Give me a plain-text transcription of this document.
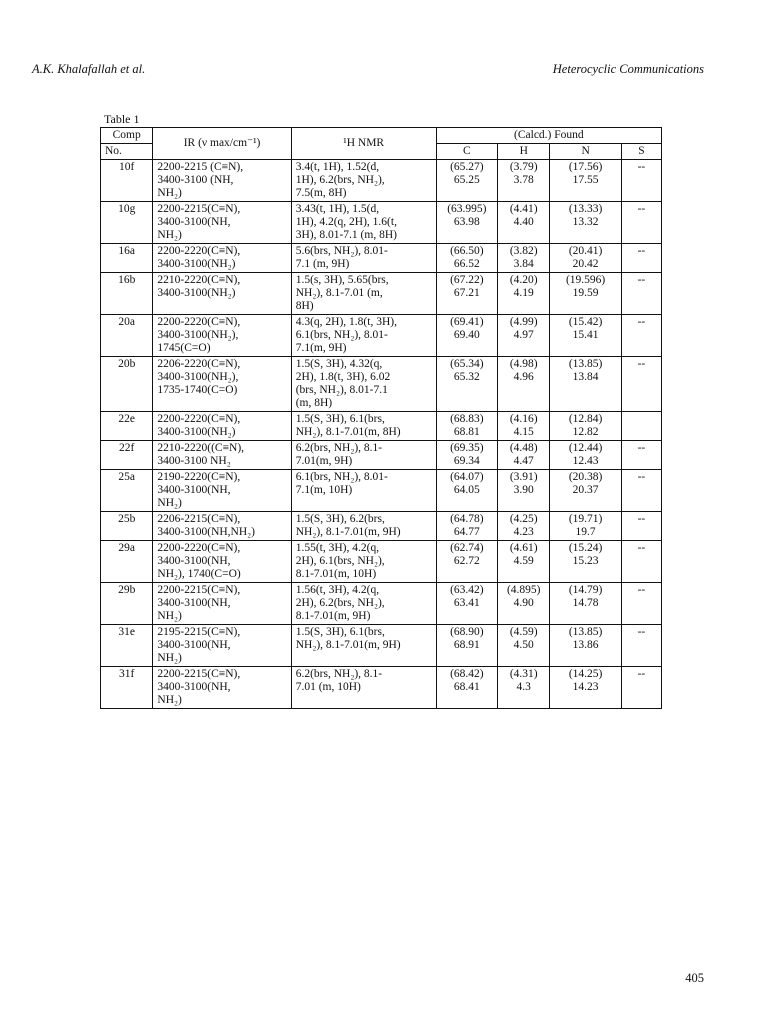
A.K. Khalafallah et al.	Heterocyclic Communications
Table 1
Comp	IR (ν max/cm⁻¹)	¹H NMR	(Calcd.) Found			
No.			C	H	N	S
10f	2200-2215 (C≡N),
3400-3100 (NH,
NH₂)	3.4(t, 1H), 1.52(d,
1H), 6.2(brs, NH₂),
7.5(m, 8H)	(65.27)
65.25	(3.79)
3.78	(17.56)
17.55	--
10g	2200-2215(C≡N),
3400-3100(NH,
NH₂)	3.43(t, 1H), 1.5(d,
1H), 4.2(q, 2H), 1.6(t,
3H), 8.01-7.1 (m, 8H)	(63.995)
63.98	(4.41)
4.40	(13.33)
13.32	--
16a	2200-2220(C≡N),
3400-3100(NH₂)	5.6(brs, NH₂), 8.01-
7.1 (m, 9H)	(66.50)
66.52	(3.82)
3.84	(20.41)
20.42	--
16b	2210-2220(C≡N),
3400-3100(NH₂)	1.5(s, 3H), 5.65(brs,
NH₂), 8.1-7.01 (m,
8H)	(67.22)
67.21	(4.20)
4.19	(19.596)
19.59	--
20a	2200-2220(C≡N),
3400-3100(NH₂),
1745(C=O)	4.3(q, 2H), 1.8(t, 3H),
6.1(brs, NH₂), 8.01-
7.1(m, 9H)	(69.41)
69.40	(4.99)
4.97	(15.42)
15.41	--
20b	2206-2220(C≡N),
3400-3100(NH₂),
1735-1740(C=O)	1.5(S, 3H), 4.32(q,
2H), 1.8(t, 3H), 6.02
(brs, NH₂), 8.01-7.1
(m, 8H)	(65.34)
65.32	(4.98)
4.96	(13.85)
13.84	--
22e	2200-2220(C≡N),
3400-3100(NH₂)	1.5(S, 3H), 6.1(brs,
NH₂), 8.1-7.01(m, 8H)	(68.83)
68.81	(4.16)
4.15	(12.84)
12.82	
22f	2210-2220((C≡N),
3400-3100 NH₂	6.2(brs, NH₂), 8.1-
7.01(m, 9H)	(69.35)
69.34	(4.48)
4.47	(12.44)
12.43	--
25a	2190-2220(C≡N),
3400-3100(NH,
NH₂)	6.1(brs, NH₂), 8.01-
7.1(m, 10H)	(64.07)
64.05	(3.91)
3.90	(20.38)
20.37	--
25b	2206-2215(C≡N),
3400-3100(NH,NH₂)	1.5(S, 3H), 6.2(brs,
NH₂), 8.1-7.01(m, 9H)	(64.78)
64.77	(4.25)
4.23	(19.71)
19.7	--
29a	2200-2220(C≡N),
3400-3100(NH,
NH₂), 1740(C=O)	1.55(t, 3H), 4.2(q,
2H), 6.1(brs, NH₂),
8.1-7.01(m, 10H)	(62.74)
62.72	(4.61)
4.59	(15.24)
15.23	--
29b	2200-2215(C≡N),
3400-3100(NH,
NH₂)	1.56(t, 3H), 4.2(q,
2H), 6.2(brs, NH₂),
8.1-7.01(m, 9H)	(63.42)
63.41	(4.895)
4.90	(14.79)
14.78	--
31e	2195-2215(C≡N),
3400-3100(NH,
NH₂)	1.5(S, 3H), 6.1(brs,
NH₂), 8.1-7.01(m, 9H)	(68.90)
68.91	(4.59)
4.50	(13.85)
13.86	--
31f	2200-2215(C≡N),
3400-3100(NH,
NH₂)	6.2(brs, NH₂), 8.1-
7.01 (m, 10H)	(68.42)
68.41	(4.31)
4.3	(14.25)
14.23	--
405
